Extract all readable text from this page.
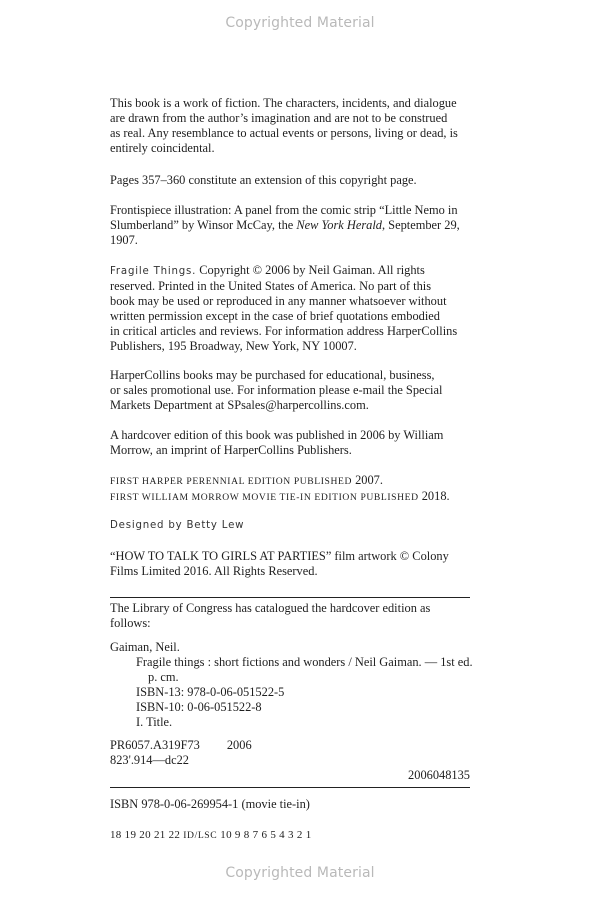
Copyrighted Material

This book is a work of fiction. The characters, incidents, and dialogue
are drawn from the author’s imagination and are not to be construed
as real. Any resemblance to actual events or persons, living or dead, is
entirely coincidental.

Pages 357–360 constitute an extension of this copyright page.

Frontispiece illustration: A panel from the comic strip “Little Nemo in
Slumberland” by Winsor McCay, the New York Herald, September 29,
1907.

Fragile Things. Copyright © 2006 by Neil Gaiman. All rights
reserved. Printed in the United States of America. No part of this
book may be used or reproduced in any manner whatsoever without
written permission except in the case of brief quotations embodied
in critical articles and reviews. For information address HarperCollins
Publishers, 195 Broadway, New York, NY 10007.

HarperCollins books may be purchased for educational, business,
or sales promotional use. For information please e-mail the Special
Markets Department at SPsales@harpercollins.com.

A hardcover edition of this book was published in 2006 by William
Morrow, an imprint of HarperCollins Publishers.

FIRST HARPER PERENNIAL EDITION PUBLISHED 2007.
FIRST WILLIAM MORROW MOVIE TIE-IN EDITION PUBLISHED 2018.

Designed by Betty Lew

“HOW TO TALK TO GIRLS AT PARTIES” film artwork © Colony
Films Limited 2016. All Rights Reserved.

The Library of Congress has catalogued the hardcover edition as
follows:

Gaiman, Neil.

Fragile things : short fictions and wonders / Neil Gaiman. — 1st ed.

p. cm.

ISBN-13: 978-0-06-051522-5

ISBN-10: 0-06-051522-8

I. Title.

PR6057.A319F73 2006

823'.914—dc22

2006048135

ISBN 978-0-06-269954-1 (movie tie-in)

18 19 20 21 22 ID/LSC 10 9 8 7 6 5 4 3 2 1

Copyrighted Material
